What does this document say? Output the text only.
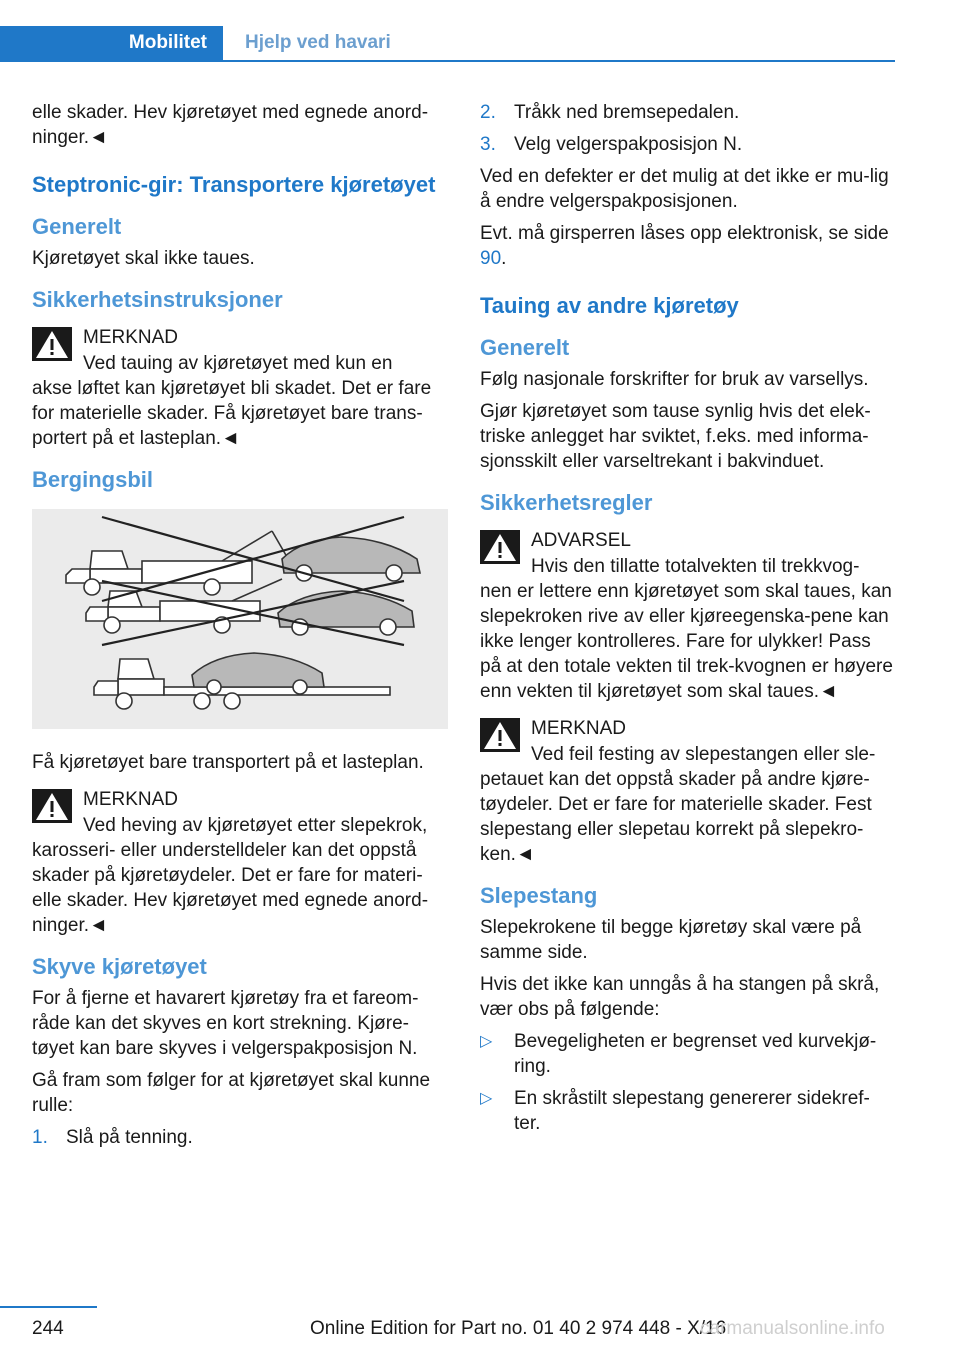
Mobilitet	Hjelp ved havari

elle skader. Hev kjøretøyet med egnede anord-ninger.◄

Steptronic-gir: Transportere kjøretøyet
Generelt

Kjøretøyet skal ikke taues.

Sikkerhetsinstruksjoner
MERKNAD
Ved tauing av kjøretøyet med kun en
akse løftet kan kjøretøyet bli skadet. Det er fare for materielle skader. Få kjøretøyet bare trans-portert på et lasteplan.◄
Bergingsbil

Få kjøretøyet bare transportert på et lasteplan.

MERKNAD
Ved heving av kjøretøyet etter slepekrok,
karosseri- eller understelldeler kan det oppstå skader på kjøretøydeler. Det er fare for materi-elle skader. Hev kjøretøyet med egnede anord-ninger.◄
Skyve kjøretøyet

For å fjerne et havarert kjøretøy fra et fareom-råde kan det skyves en kort strekning. Kjøre-tøyet kan bare skyves i velgerspakposisjon N.

Gå fram som følger for at kjøretøyet skal kunne rulle:

1. Slå på tenning.
2. Tråkk ned bremsepedalen.
3. Velg velgerspakposisjon N.

Ved en defekter er det mulig at det ikke er mu-lig å endre velgerspakposisjonen.

Evt. må girsperren låses opp elektronisk, se side 90.

Tauing av andre kjøretøy
Generelt

Følg nasjonale forskrifter for bruk av varsellys.

Gjør kjøretøyet som tause synlig hvis det elek-triske anlegget har sviktet, f.eks. med informa-sjonsskilt eller varseltrekant i bakvinduet.

Sikkerhetsregler
ADVARSEL
Hvis den tillatte totalvekten til trekkvog-
nen er lettere enn kjøretøyet som skal taues, kan slepekroken rive av eller kjøreegenska-pene kan ikke lenger kontrolleres. Fare for ulykker! Pass på at den totale vekten til trek-kvognen er høyere enn vekten til kjøretøyet som skal taues.◄
MERKNAD
Ved feil festing av slepestangen eller sle-
petauet kan det oppstå skader på andre kjøre-tøydeler. Det er fare for materielle skader. Fest slepestang eller slepetau korrekt på slepekro-ken.◄
Slepestang

Slepekrokene til begge kjøretøy skal være på samme side.

Hvis det ikke kan unngås å ha stangen på skrå, vær obs på følgende:

▷	Bevegeligheten er begrenset ved kurvekjø-ring.
▷	En skråstilt slepestang genererer sidekref-ter.
244	Online Edition for Part no. 01 40 2 974 448 - X/16
carmanualsonline.info
